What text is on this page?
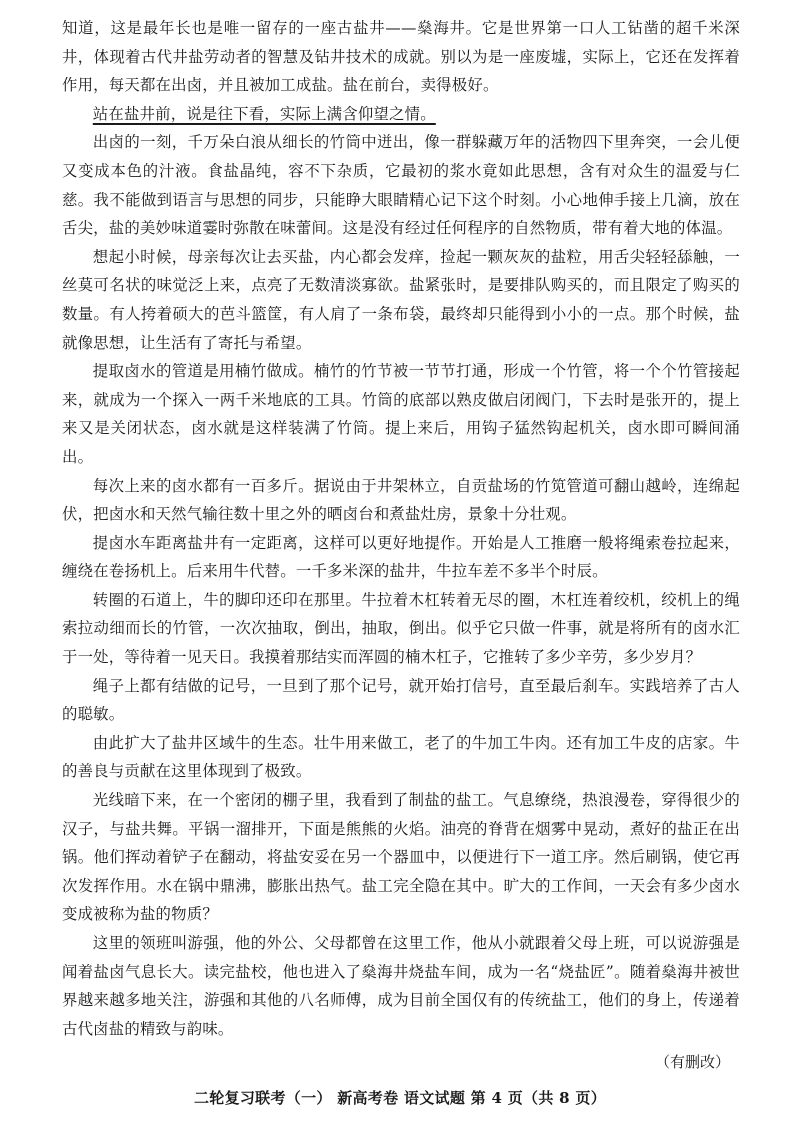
知道，这是最年长也是唯一留存的一座古盐井——燊海井。它是世界第一口人工钻凿的超千米深井，体现着古代井盐劳动者的智慧及钻井技术的成就。别以为是一座废墟，实际上，它还在发挥着作用，每天都在出卤，并且被加工成盐。盐在前台，卖得极好。

站在盐井前，说是往下看，实际上满含仰望之情。

出卤的一刻，千万朵白浪从细长的竹筒中迸出，像一群躲藏万年的活物四下里奔突，一会儿便又变成本色的汁液。食盐晶纯，容不下杂质，它最初的浆水竟如此思想，含有对众生的温爱与仁慈。我不能做到语言与思想的同步，只能睁大眼睛精心记下这个时刻。小心地伸手接上几滴，放在舌尖，盐的美妙味道霎时弥散在味蕾间。这是没有经过任何程序的自然物质，带有着大地的体温。

想起小时候，母亲每次让去买盐，内心都会发痒，捡起一颗灰灰的盐粒，用舌尖轻轻舔触，一丝莫可名状的味觉泛上来，点亮了无数清淡寡欲。盐紧张时，是要排队购买的，而且限定了购买的数量。有人挎着硕大的芭斗篮筐，有人肩了一条布袋，最终却只能得到小小的一点。那个时候，盐就像思想，让生活有了寄托与希望。

提取卤水的管道是用楠竹做成。楠竹的竹节被一节节打通，形成一个竹管，将一个个竹管接起来，就成为一个探入一两千米地底的工具。竹筒的底部以熟皮做启闭阀门，下去时是张开的，提上来又是关闭状态，卤水就是这样装满了竹筒。提上来后，用钩子猛然钩起机关，卤水即可瞬间涌出。

每次上来的卤水都有一百多斤。据说由于井架林立，自贡盐场的竹笕管道可翻山越岭，连绵起伏，把卤水和天然气输往数十里之外的晒卤台和煮盐灶房，景象十分壮观。

提卤水车距离盐井有一定距离，这样可以更好地提作。开始是人工推磨一般将绳索卷拉起来，缠绕在卷扬机上。后来用牛代替。一千多米深的盐井，牛拉车差不多半个时辰。

转圈的石道上，牛的脚印还印在那里。牛拉着木杠转着无尽的圈，木杠连着绞机，绞机上的绳索拉动细而长的竹管，一次次抽取，倒出，抽取，倒出。似乎它只做一件事，就是将所有的卤水汇于一处，等待着一见天日。我摸着那结实而浑圆的楠木杠子，它推转了多少辛劳，多少岁月？

绳子上都有结做的记号，一旦到了那个记号，就开始打信号，直至最后刹车。实践培养了古人的聪敏。

由此扩大了盐井区域牛的生态。壮牛用来做工，老了的牛加工牛肉。还有加工牛皮的店家。牛的善良与贡献在这里体现到了极致。

光线暗下来，在一个密闭的棚子里，我看到了制盐的盐工。气息缭绕，热浪漫卷，穿得很少的汉子，与盐共舞。平锅一溜排开，下面是熊熊的火焰。油亮的脊背在烟雾中晃动，煮好的盐正在出锅。他们挥动着铲子在翻动，将盐安妥在另一个器皿中，以便进行下一道工序。然后刷锅，使它再次发挥作用。水在锅中鼎沸，膨胀出热气。盐工完全隐在其中。旷大的工作间，一天会有多少卤水变成被称为盐的物质？

这里的领班叫游强，他的外公、父母都曾在这里工作，他从小就跟着父母上班，可以说游强是闻着盐卤气息长大。读完盐校，他也进入了燊海井烧盐车间，成为一名“烧盐匠”。随着燊海井被世界越来越多地关注，游强和其他的八名师傅，成为目前全国仅有的传统盐工，他们的身上，传递着古代卤盐的精致与韵味。

（有删改）
二轮复习联考（一） 新高考卷 语文试题 第 4 页（共 8 页）
